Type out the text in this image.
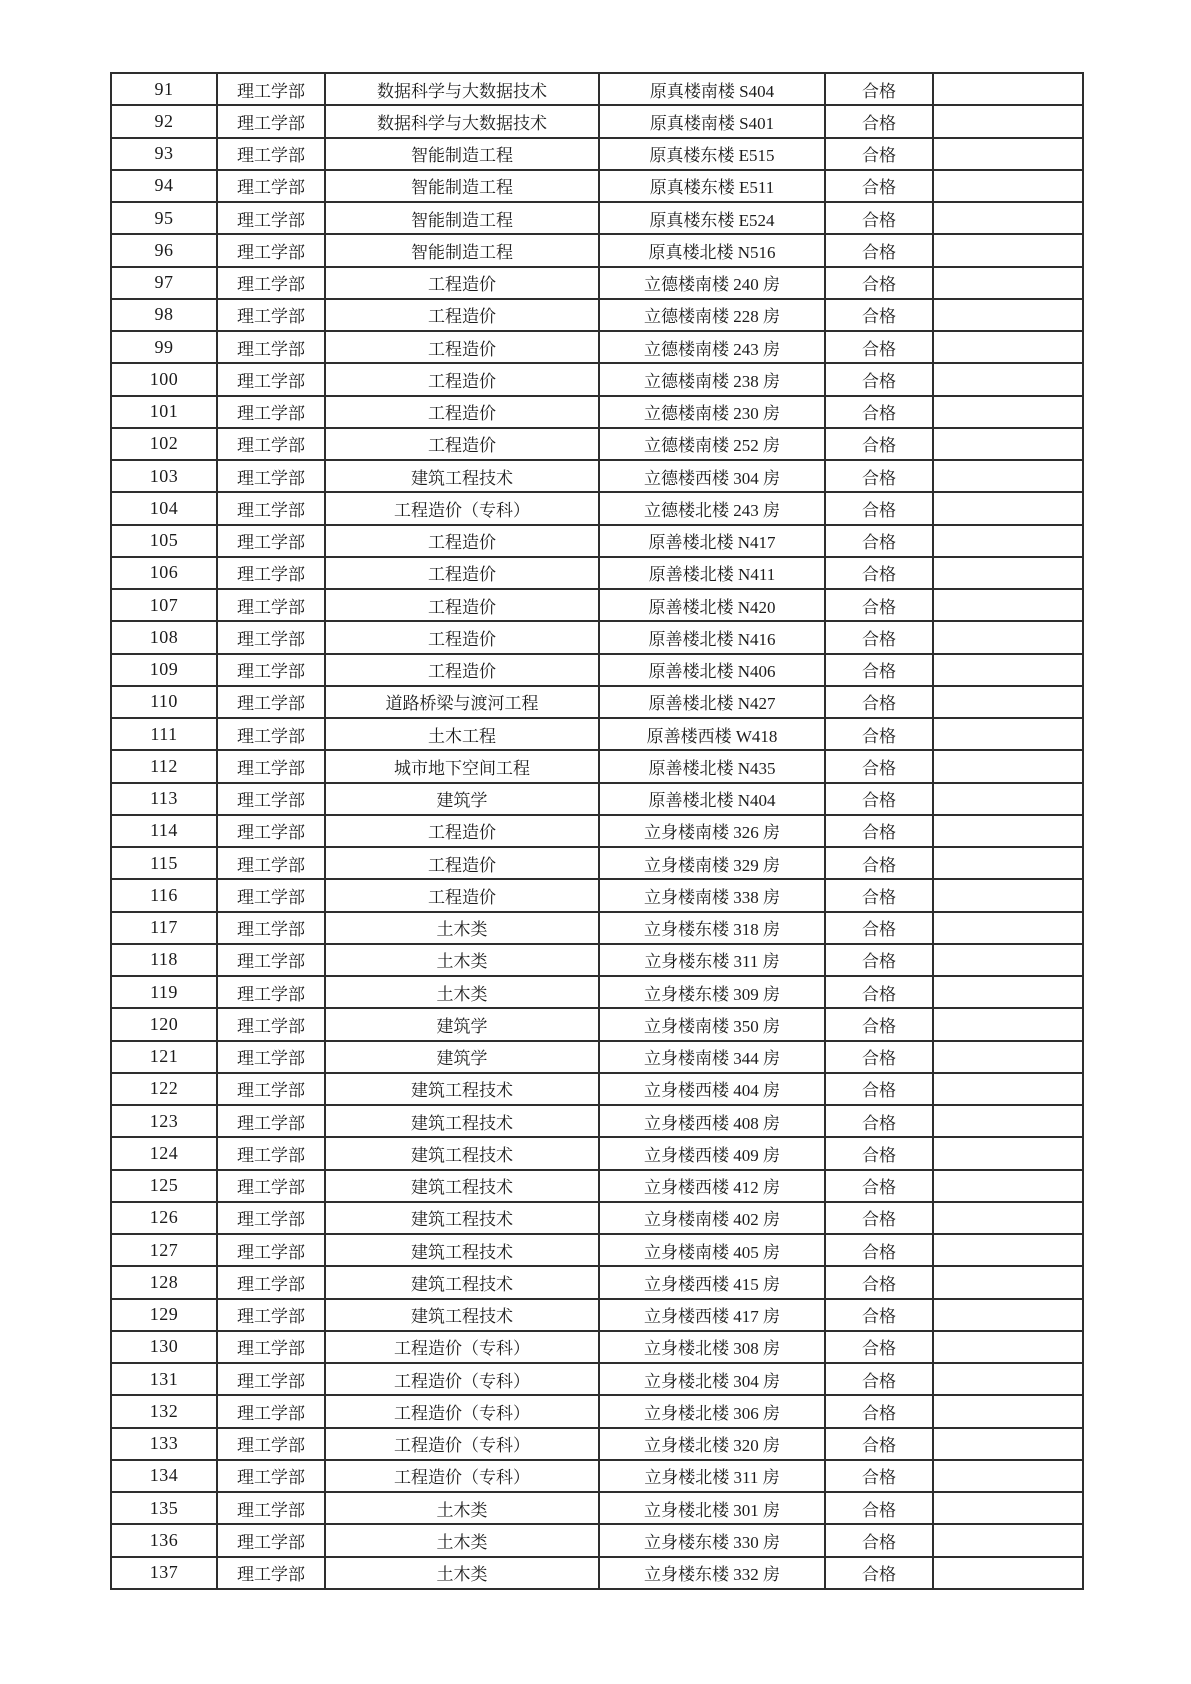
91	理工学部	数据科学与大数据技术	原真楼南楼 S404	合格	
92	理工学部	数据科学与大数据技术	原真楼南楼 S401	合格	
93	理工学部	智能制造工程	原真楼东楼 E515	合格	
94	理工学部	智能制造工程	原真楼东楼 E511	合格	
95	理工学部	智能制造工程	原真楼东楼 E524	合格	
96	理工学部	智能制造工程	原真楼北楼 N516	合格	
97	理工学部	工程造价	立德楼南楼 240 房	合格	
98	理工学部	工程造价	立德楼南楼 228 房	合格	
99	理工学部	工程造价	立德楼南楼 243 房	合格	
100	理工学部	工程造价	立德楼南楼 238 房	合格	
101	理工学部	工程造价	立德楼南楼 230 房	合格	
102	理工学部	工程造价	立德楼南楼 252 房	合格	
103	理工学部	建筑工程技术	立德楼西楼 304 房	合格	
104	理工学部	工程造价（专科）	立德楼北楼 243 房	合格	
105	理工学部	工程造价	原善楼北楼 N417	合格	
106	理工学部	工程造价	原善楼北楼 N411	合格	
107	理工学部	工程造价	原善楼北楼 N420	合格	
108	理工学部	工程造价	原善楼北楼 N416	合格	
109	理工学部	工程造价	原善楼北楼 N406	合格	
110	理工学部	道路桥梁与渡河工程	原善楼北楼 N427	合格	
111	理工学部	土木工程	原善楼西楼 W418	合格	
112	理工学部	城市地下空间工程	原善楼北楼 N435	合格	
113	理工学部	建筑学	原善楼北楼 N404	合格	
114	理工学部	工程造价	立身楼南楼 326 房	合格	
115	理工学部	工程造价	立身楼南楼 329 房	合格	
116	理工学部	工程造价	立身楼南楼 338 房	合格	
117	理工学部	土木类	立身楼东楼 318 房	合格	
118	理工学部	土木类	立身楼东楼 311 房	合格	
119	理工学部	土木类	立身楼东楼 309 房	合格	
120	理工学部	建筑学	立身楼南楼 350 房	合格	
121	理工学部	建筑学	立身楼南楼 344 房	合格	
122	理工学部	建筑工程技术	立身楼西楼 404 房	合格	
123	理工学部	建筑工程技术	立身楼西楼 408 房	合格	
124	理工学部	建筑工程技术	立身楼西楼 409 房	合格	
125	理工学部	建筑工程技术	立身楼西楼 412 房	合格	
126	理工学部	建筑工程技术	立身楼南楼 402 房	合格	
127	理工学部	建筑工程技术	立身楼南楼 405 房	合格	
128	理工学部	建筑工程技术	立身楼西楼 415 房	合格	
129	理工学部	建筑工程技术	立身楼西楼 417 房	合格	
130	理工学部	工程造价（专科）	立身楼北楼 308 房	合格	
131	理工学部	工程造价（专科）	立身楼北楼 304 房	合格	
132	理工学部	工程造价（专科）	立身楼北楼 306 房	合格	
133	理工学部	工程造价（专科）	立身楼北楼 320 房	合格	
134	理工学部	工程造价（专科）	立身楼北楼 311 房	合格	
135	理工学部	土木类	立身楼北楼 301 房	合格	
136	理工学部	土木类	立身楼东楼 330 房	合格	
137	理工学部	土木类	立身楼东楼 332 房	合格	
